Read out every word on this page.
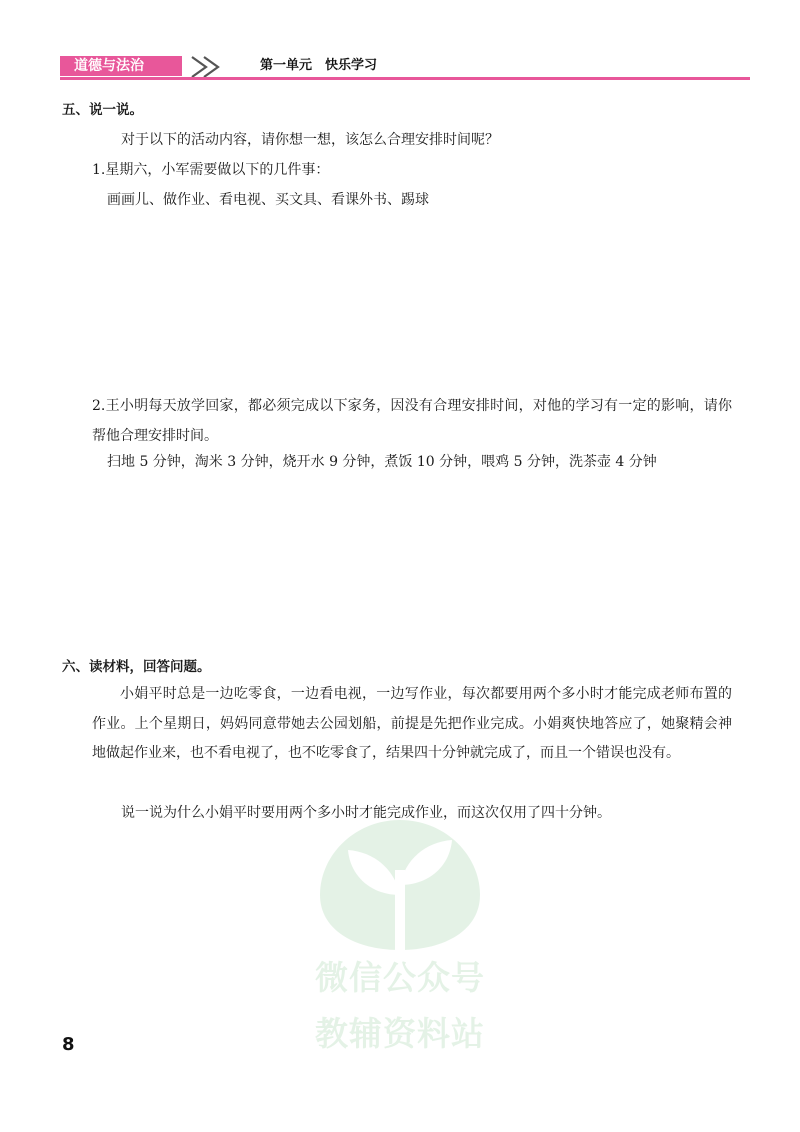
道德与法治	第一单元　快乐学习
微信公众号
教辅资料站
五、说一说。
对于以下的活动内容，请你想一想，该怎么合理安排时间呢？
1.星期六，小军需要做以下的几件事：
画画儿、做作业、看电视、买文具、看课外书、踢球
2.王小明每天放学回家，都必须完成以下家务，因没有合理安排时间，对他的学习有一定的影响，请你帮他合理安排时间。
扫地 5 分钟，淘米 3 分钟，烧开水 9 分钟，煮饭 10 分钟，喂鸡 5 分钟，洗茶壶 4 分钟
六、读材料，回答问题。
小娟平时总是一边吃零食，一边看电视，一边写作业，每次都要用两个多小时才能完成老师布置的作业。上个星期日，妈妈同意带她去公园划船，前提是先把作业完成。小娟爽快地答应了，她聚精会神地做起作业来，也不看电视了，也不吃零食了，结果四十分钟就完成了，而且一个错误也没有。
说一说为什么小娟平时要用两个多小时才能完成作业，而这次仅用了四十分钟。
8
